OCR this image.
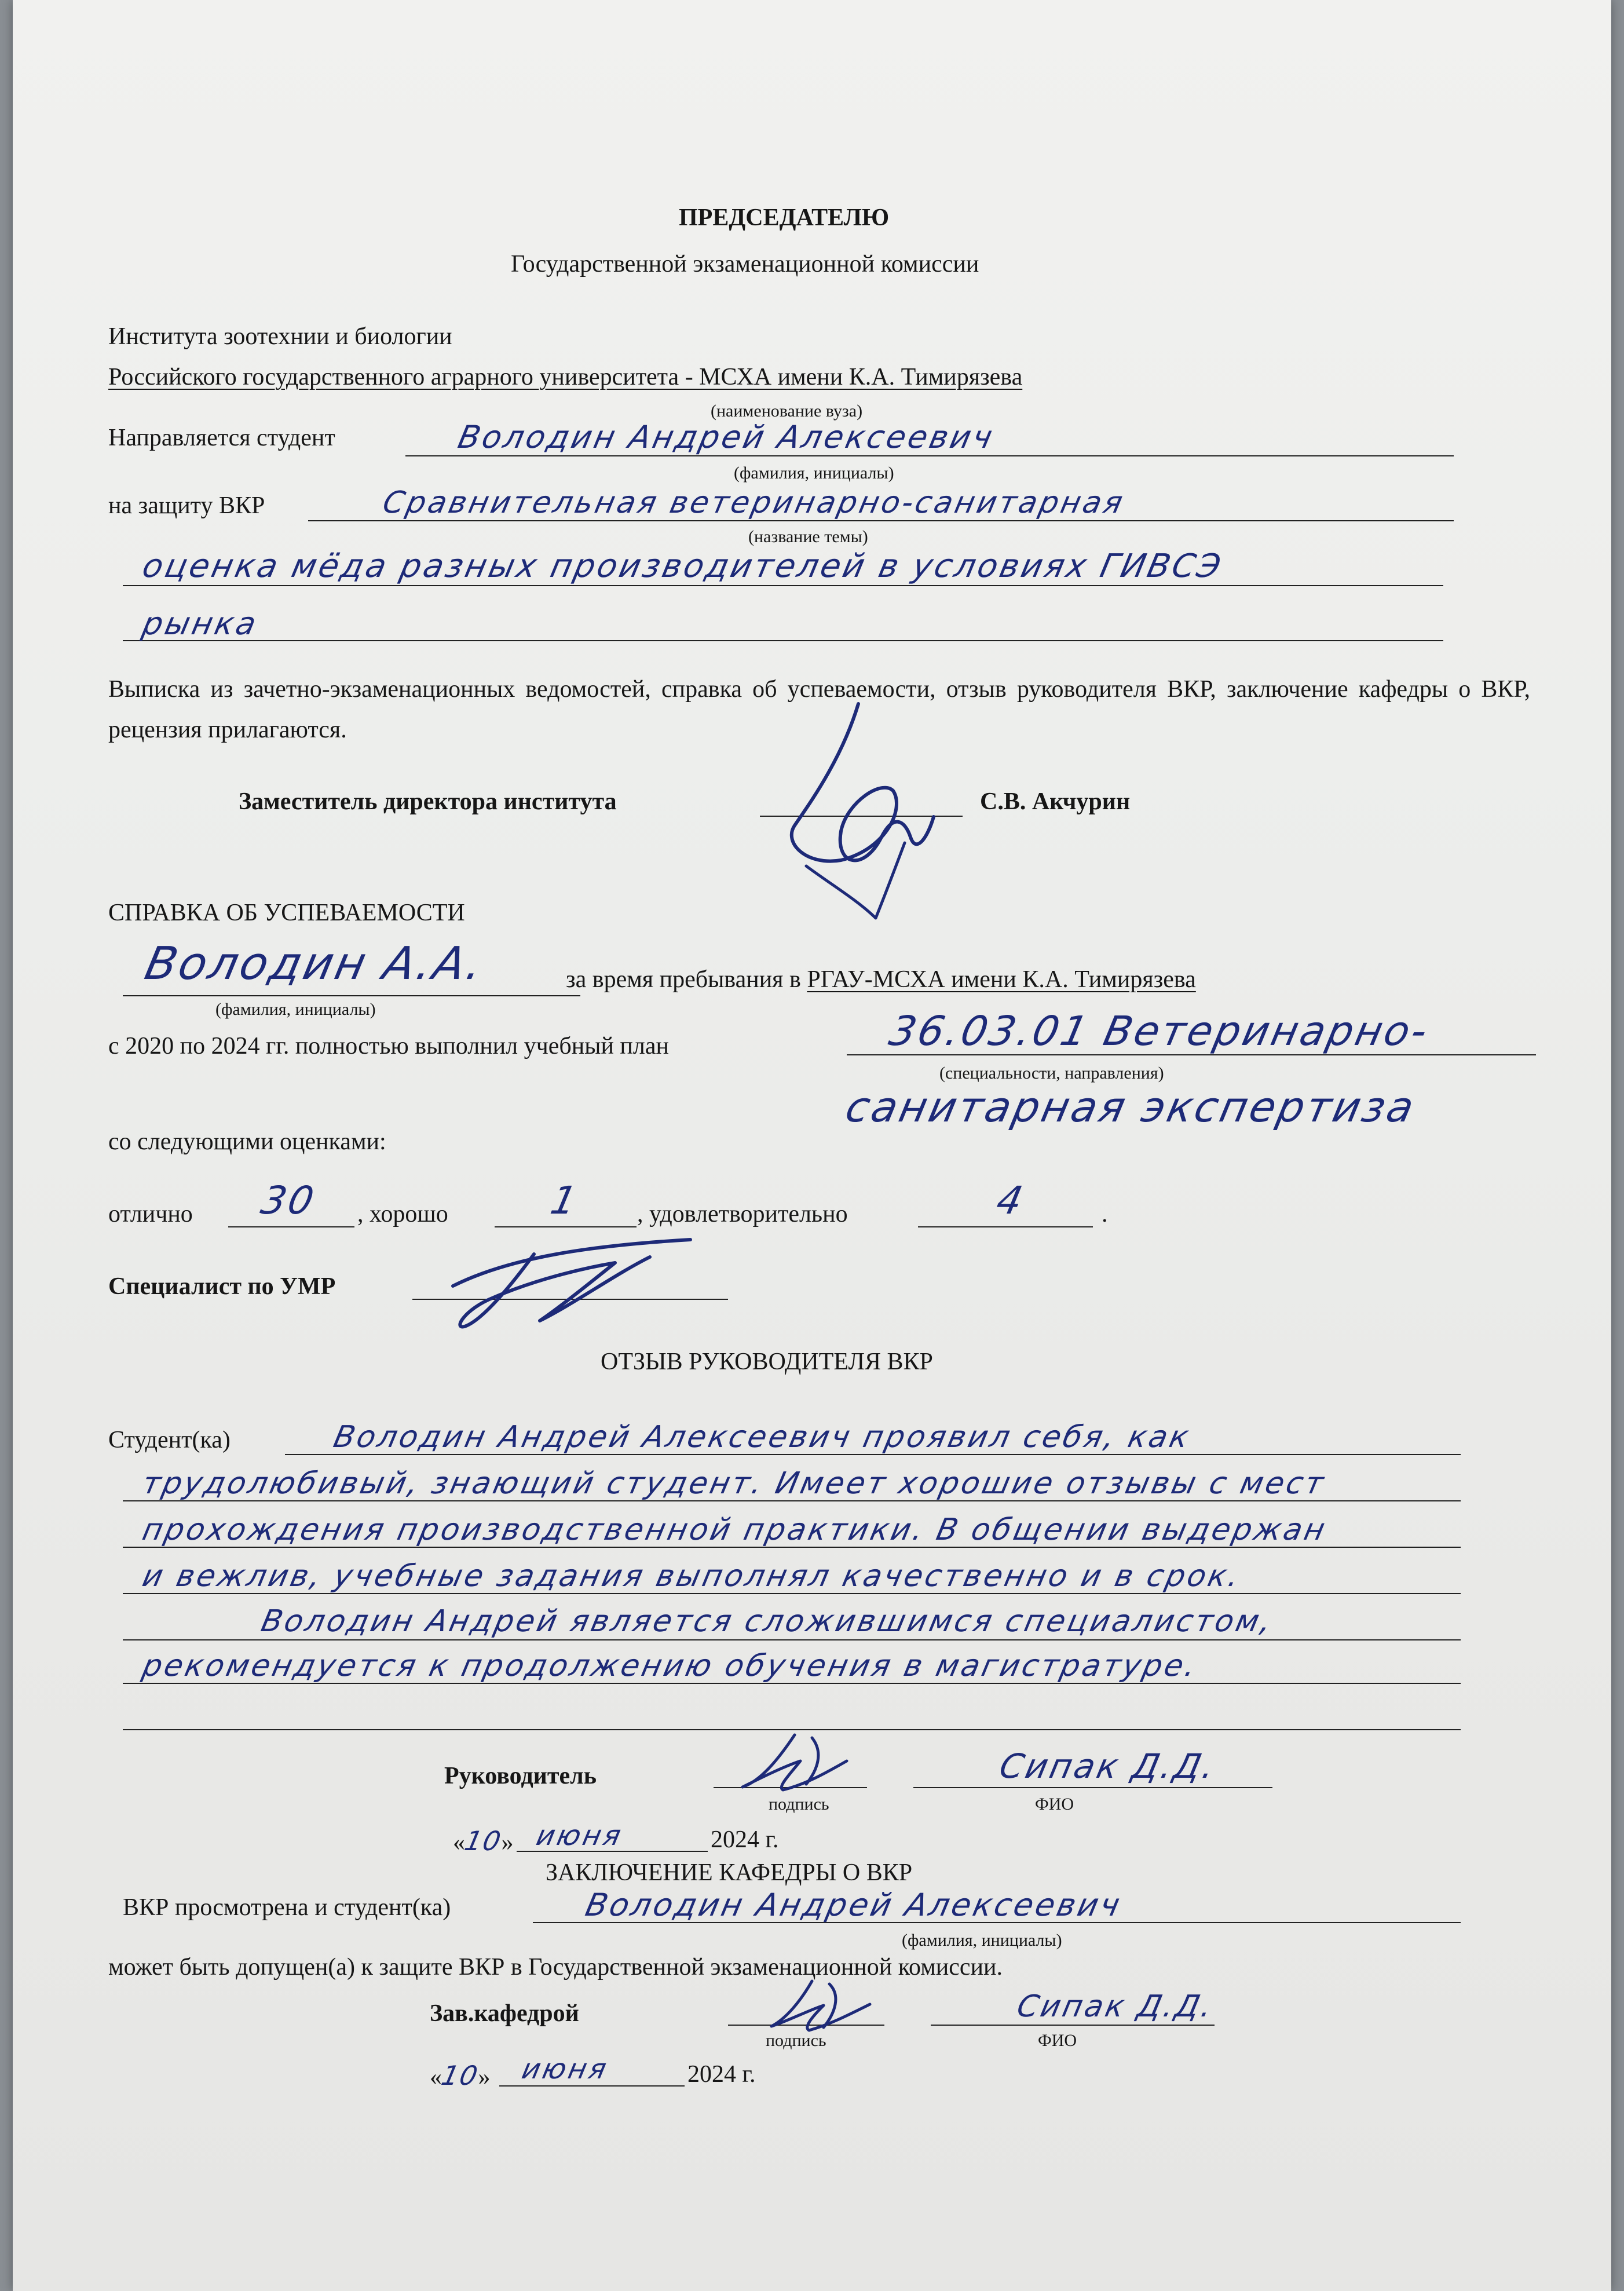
ПРЕДСЕДАТЕЛЮ
Государственной экзаменационной комиссии
Института зоотехнии и биологии
Российского государственного аграрного университета - МСХА имени К.А. Тимирязева
(наименование вуза)
Направляется студент	Володин Андрей Алексеевич
(фамилия, инициалы)
на защиту ВКР	Сравнительная ветеринарно-санитарная
(название темы)
оценка мёда разных производителей в условиях ГИВСЭ
рынка
Выписка из зачетно-экзаменационных ведомостей, справка об успеваемости, отзыв руководителя ВКР, заключение кафедры о ВКР, рецензия прилагаются.
Заместитель директора института	С.В. Акчурин
СПРАВКА ОБ УСПЕВАЕМОСТИ
Володин А.А.	за время пребывания в РГАУ-МСХА имени К.А. Тимирязева
(фамилия, инициалы)
с 2020 по 2024 гг. полностью выполнил учебный план	36.03.01 Ветеринарно-
(специальности, направления)
санитарная экспертиза
со следующими оценками:
отлично 30 , хорошо	1 , удовлетворительно	4	.
Специалист по УМР
ОТЗЫВ РУКОВОДИТЕЛЯ ВКР
Студент(ка)	Володин Андрей Алексеевич проявил себя, как
трудолюбивый, знающий студент. Имеет хорошие отзывы с мест
прохождения производственной практики. В общении выдержан
и вежлив, учебные задания выполнял качественно и в срок.
Володин Андрей является сложившимся специалистом,
рекомендуется к продолжению обучения в магистратуре.
Руководитель
подпись
Сипак Д.Д.
ФИО
«10» июня	2024 г.
ЗАКЛЮЧЕНИЕ КАФЕДРЫ О ВКР
ВКР просмотрена и студент(ка)	Володин Андрей Алексеевич
(фамилия, инициалы)
может быть допущен(а) к защите ВКР в Государственной экзаменационной комиссии.
Зав.кафедрой
подпись
Сипак Д.Д.
ФИО
«10» июня	2024 г.
